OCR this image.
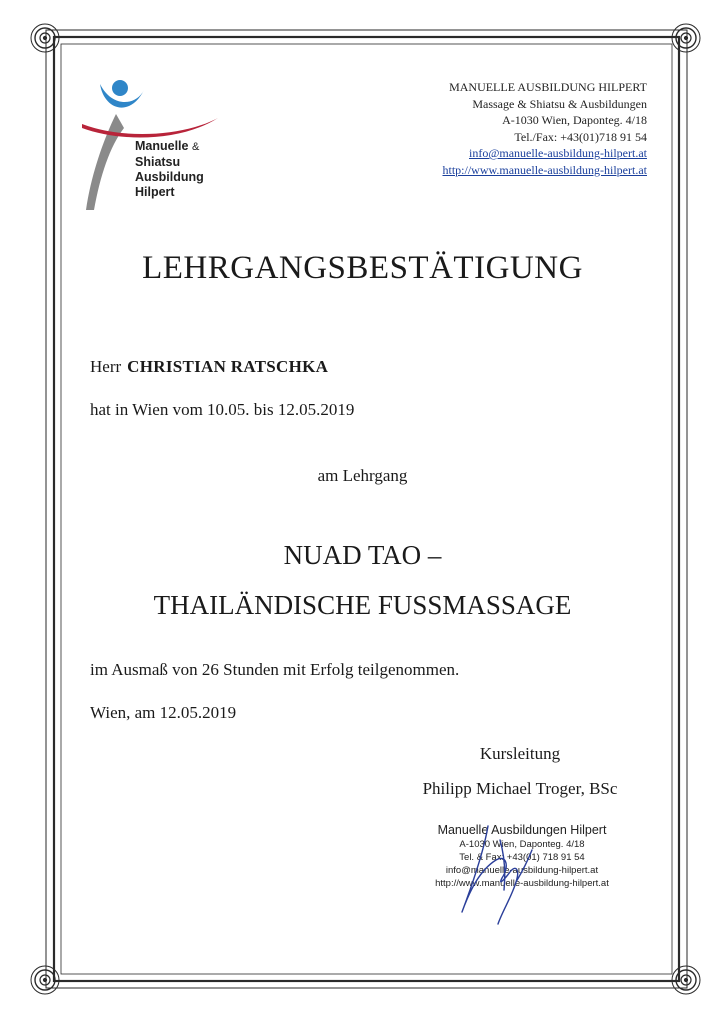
Manuelle &
Shiatsu
Ausbildung
Hilpert
MANUELLE AUSBILDUNG HILPERT
Massage & Shiatsu & Ausbildungen
A-1030 Wien, Daponteg. 4/18
Tel./Fax: +43(01)718 91 54
info@manuelle-ausbildung-hilpert.at
http://www.manuelle-ausbildung-hilpert.at
LEHRGANGSBESTÄTIGUNG
Herr CHRISTIAN RATSCHKA
hat in Wien vom 10.05. bis 12.05.2019
am Lehrgang
NUAD TAO –
THAILÄNDISCHE FUSSMASSAGE
im Ausmaß von 26 Stunden mit Erfolg teilgenommen.
Wien, am 12.05.2019
Kursleitung
Philipp Michael Troger, BSc
Manuelle Ausbildungen Hilpert
A-1030 Wien, Daponteg. 4/18
Tel. & Fax: +43(01) 718 91 54
info@manuelle-ausbildung-hilpert.at
http://www.manuelle-ausbildung-hilpert.at
